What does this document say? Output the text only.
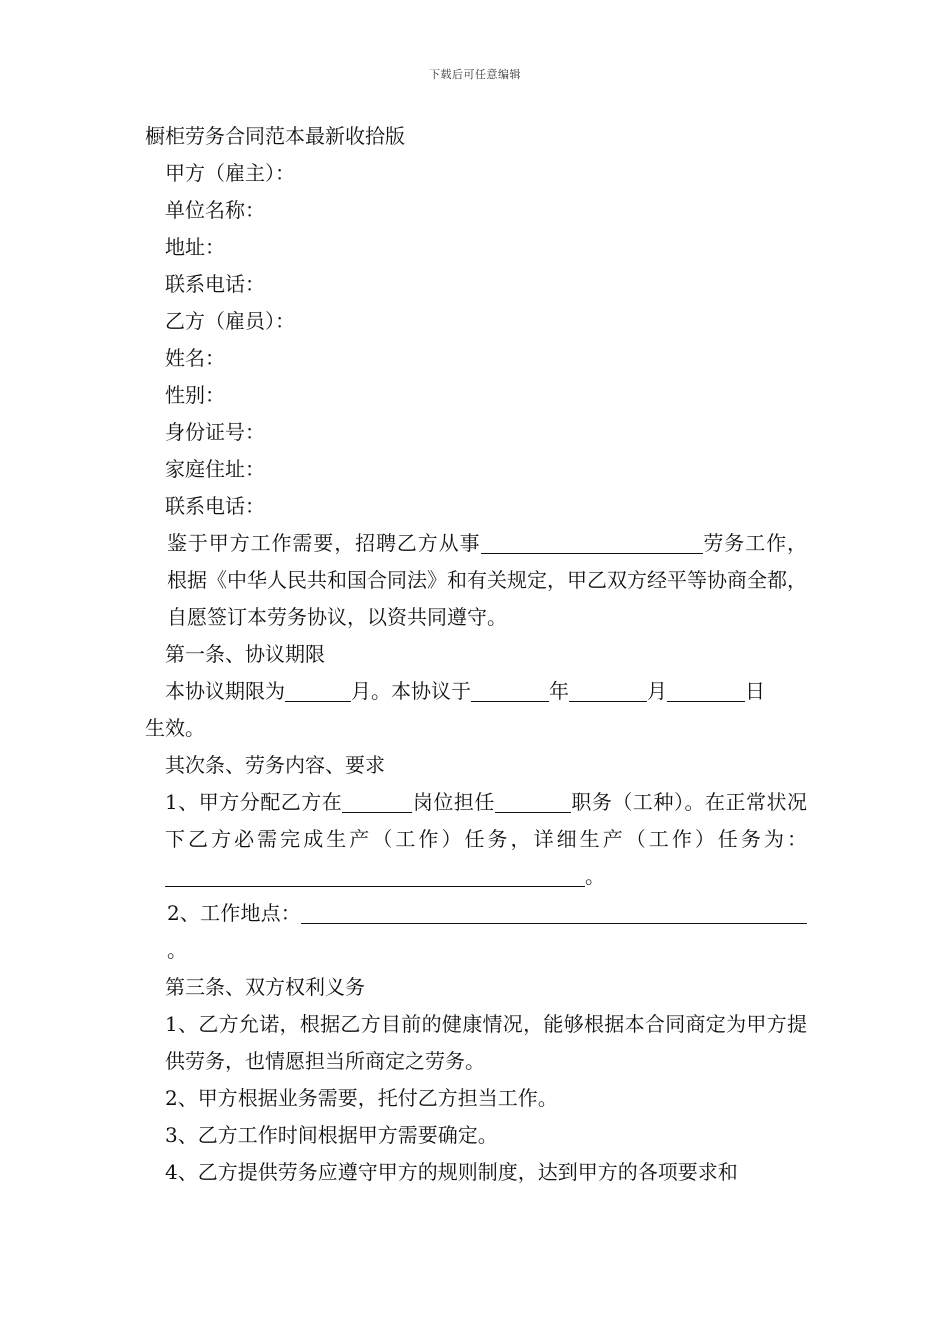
下载后可任意编辑
橱柜劳务合同范本最新收拾版
甲方（雇主）：
单位名称：
地址：
联系电话：
乙方（雇员）：
姓名：
性别：
身份证号：
家庭住址：
联系电话：
鉴于甲方工作需要，招聘乙方从事	劳务工作，根据《中华人民共和国合同法》和有关规定，甲乙双方经平等协商全都，自愿签订本劳务协议，以资共同遵守。
第一条、协议期限
本协议期限为	月。本协议于	年	月	日
生效。
其次条、劳务内容、要求
1、甲方分配乙方在	岗位担任	职务（工种）。在正常状况下乙方必需完成生产（工作）任务，详细生产（工作）任务为：。
2、工作地点：。
第三条、双方权利义务
1、乙方允诺，根据乙方目前的健康情况，能够根据本合同商定为甲方提供劳务，也情愿担当所商定之劳务。
2、甲方根据业务需要，托付乙方担当工作。
3、乙方工作时间根据甲方需要确定。
4、乙方提供劳务应遵守甲方的规则制度，达到甲方的各项要求和
